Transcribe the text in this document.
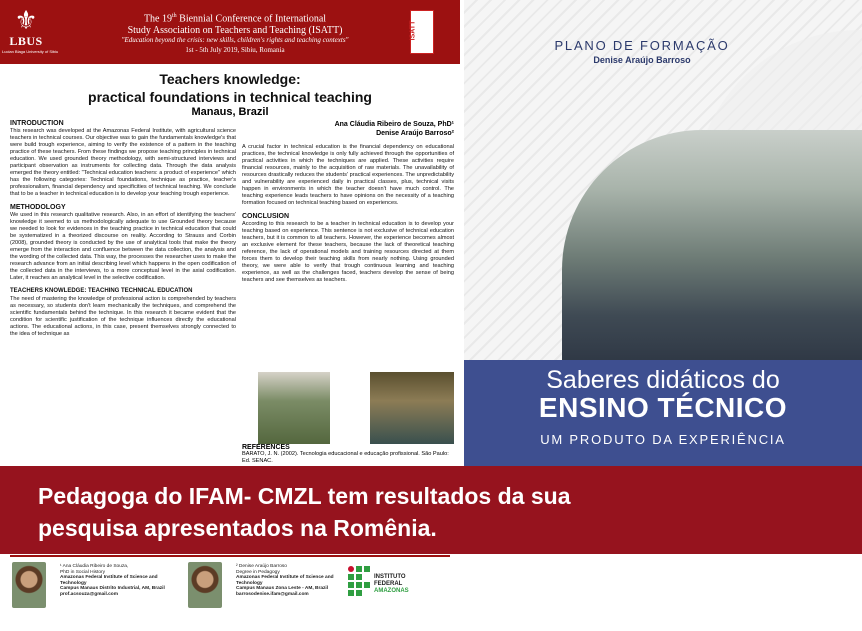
⚜
LBUS
Lucian Blaga University of Sibiu
The 19th Biennial Conference of International
Study Association on Teachers and Teaching (ISATT)
"Education beyond the crisis: new skills, children's rights and teaching contexts"
1st - 5th July 2019, Sibiu, Romania
ISATT
Teachers knowledge:
practical foundations in technical teaching
Manaus, Brazil
Ana Cláudia Ribeiro de Souza, PhD¹
Denise Araújo Barroso²
INTRODUCTION

This research was developed at the Amazonas Federal Institute, with agricultural science teachers in technical courses. Our objective was to gain the fundamentals knowledge's that were build trough experience, aiming to verify the existence of a pattern in the teaching practice of these teachers. From these findings we propose teaching principles in technical education. We used grounded theory methodology, with semi-structured interviews and participant observation as instruments for collecting data. Through the data analysis emerged the theory entitled: "Technical education teachers: a product of experience" which has the following categories: Technical foundations, technique as practice, teacher's professionalism, financial dependency and specificities of technical teaching. We conclude that to be a teacher in technical education is to develop your teaching trough experience.

METHODOLOGY

We used in this research qualitative research. Also, in an effort of identifying the teachers' knowledge it seemed to us methodologically adequate to use Grounded theory because we needed to look for evidences in the teaching practice in technical education that could be systematized in a theorized discourse on reality. According to Strauss and Corbin (2008), grounded theory is conducted by the use of analytical tools that make the theory emerge from the interaction and confluence between the data collection, the analysis and the wording of the collected data. This way, the processes the researcher uses to make the research advance from an initial describing level which happens in the open codification of the collected data in the interviews, to a more conceptual level in the axial codification. Later, it reaches an analytical level in the selective codification.

TEACHERS KNOWLEDGE: TEACHING TECHNICAL EDUCATION

The need of mastering the knowledge of professional action is comprehended by teachers as necessary, so students don't learn mechanically the techniques, and comprehend the scientific fundamentals behind the technique. In this research it became evident that the condition for scientific justification of the technique influences directly the educational actions. The educational actions, in this case, present themselves strongly connected to the idea of technique as

A crucial factor in technical education is the financial dependency on educational practices, the technical knowledge is only fully achieved through the opportunities of practical activities in which the techniques are applied. These activities require financial resources, mainly to the acquisition of raw materials. The unavailability of resources drastically reduces the students' practical experiences. The unpredictability and vulnerability are experienced daily in practical classes, plus, technical visits happen in environments in which the teacher doesn't have much control. The teaching experience leads teachers to have opinions on the necessity of a teaching formation focused on technical teaching based on experiences.

CONCLUSION

According to this research to be a teacher in technical education is to develop your teaching based on experience. This sentence is not exclusive of technical education teachers, but it is common to all teachers. However, the experience becomes almost an exclusive element for these teachers, because the lack of theoretical teaching reference, the lack of operational models and training resources directed at them forces them to develop their teaching skills from nearly nothing. Using grounded theory, we were able to verify that trough continuous learning and teaching experience, as well as the challenges faced, teachers develop the sense of being teachers and see themselves as teachers.

REFERENCES

BARATO, J. N. (2002). Tecnologia educacional e educação profissional. São Paulo: Ed. SENAC.

PLANO DE FORMAÇÃO
Denise Araújo Barroso
Saberes didáticos do
ENSINO TÉCNICO
UM PRODUTO DA EXPERIÊNCIA
Pedagoga do IFAM- CMZL tem resultados da sua
pesquisa apresentados na Romênia.
¹ Ana Cláudia Ribeiro de Souza,
PhD in Social History
Amazonas Federal Institute of Science and
Technology
Campus Manaus Distrito Industrial, AM, Brazil
prof.acsouza@gmail.com
² Denise Araújo Barroso
Degree in Pedagogy
Amazonas Federal Institute of Science and
Technology
Campus Manaus Zona Leste - AM, Brazil
barrosodenise.ifam@gmail.com
INSTITUTO FEDERAL
AMAZONAS
